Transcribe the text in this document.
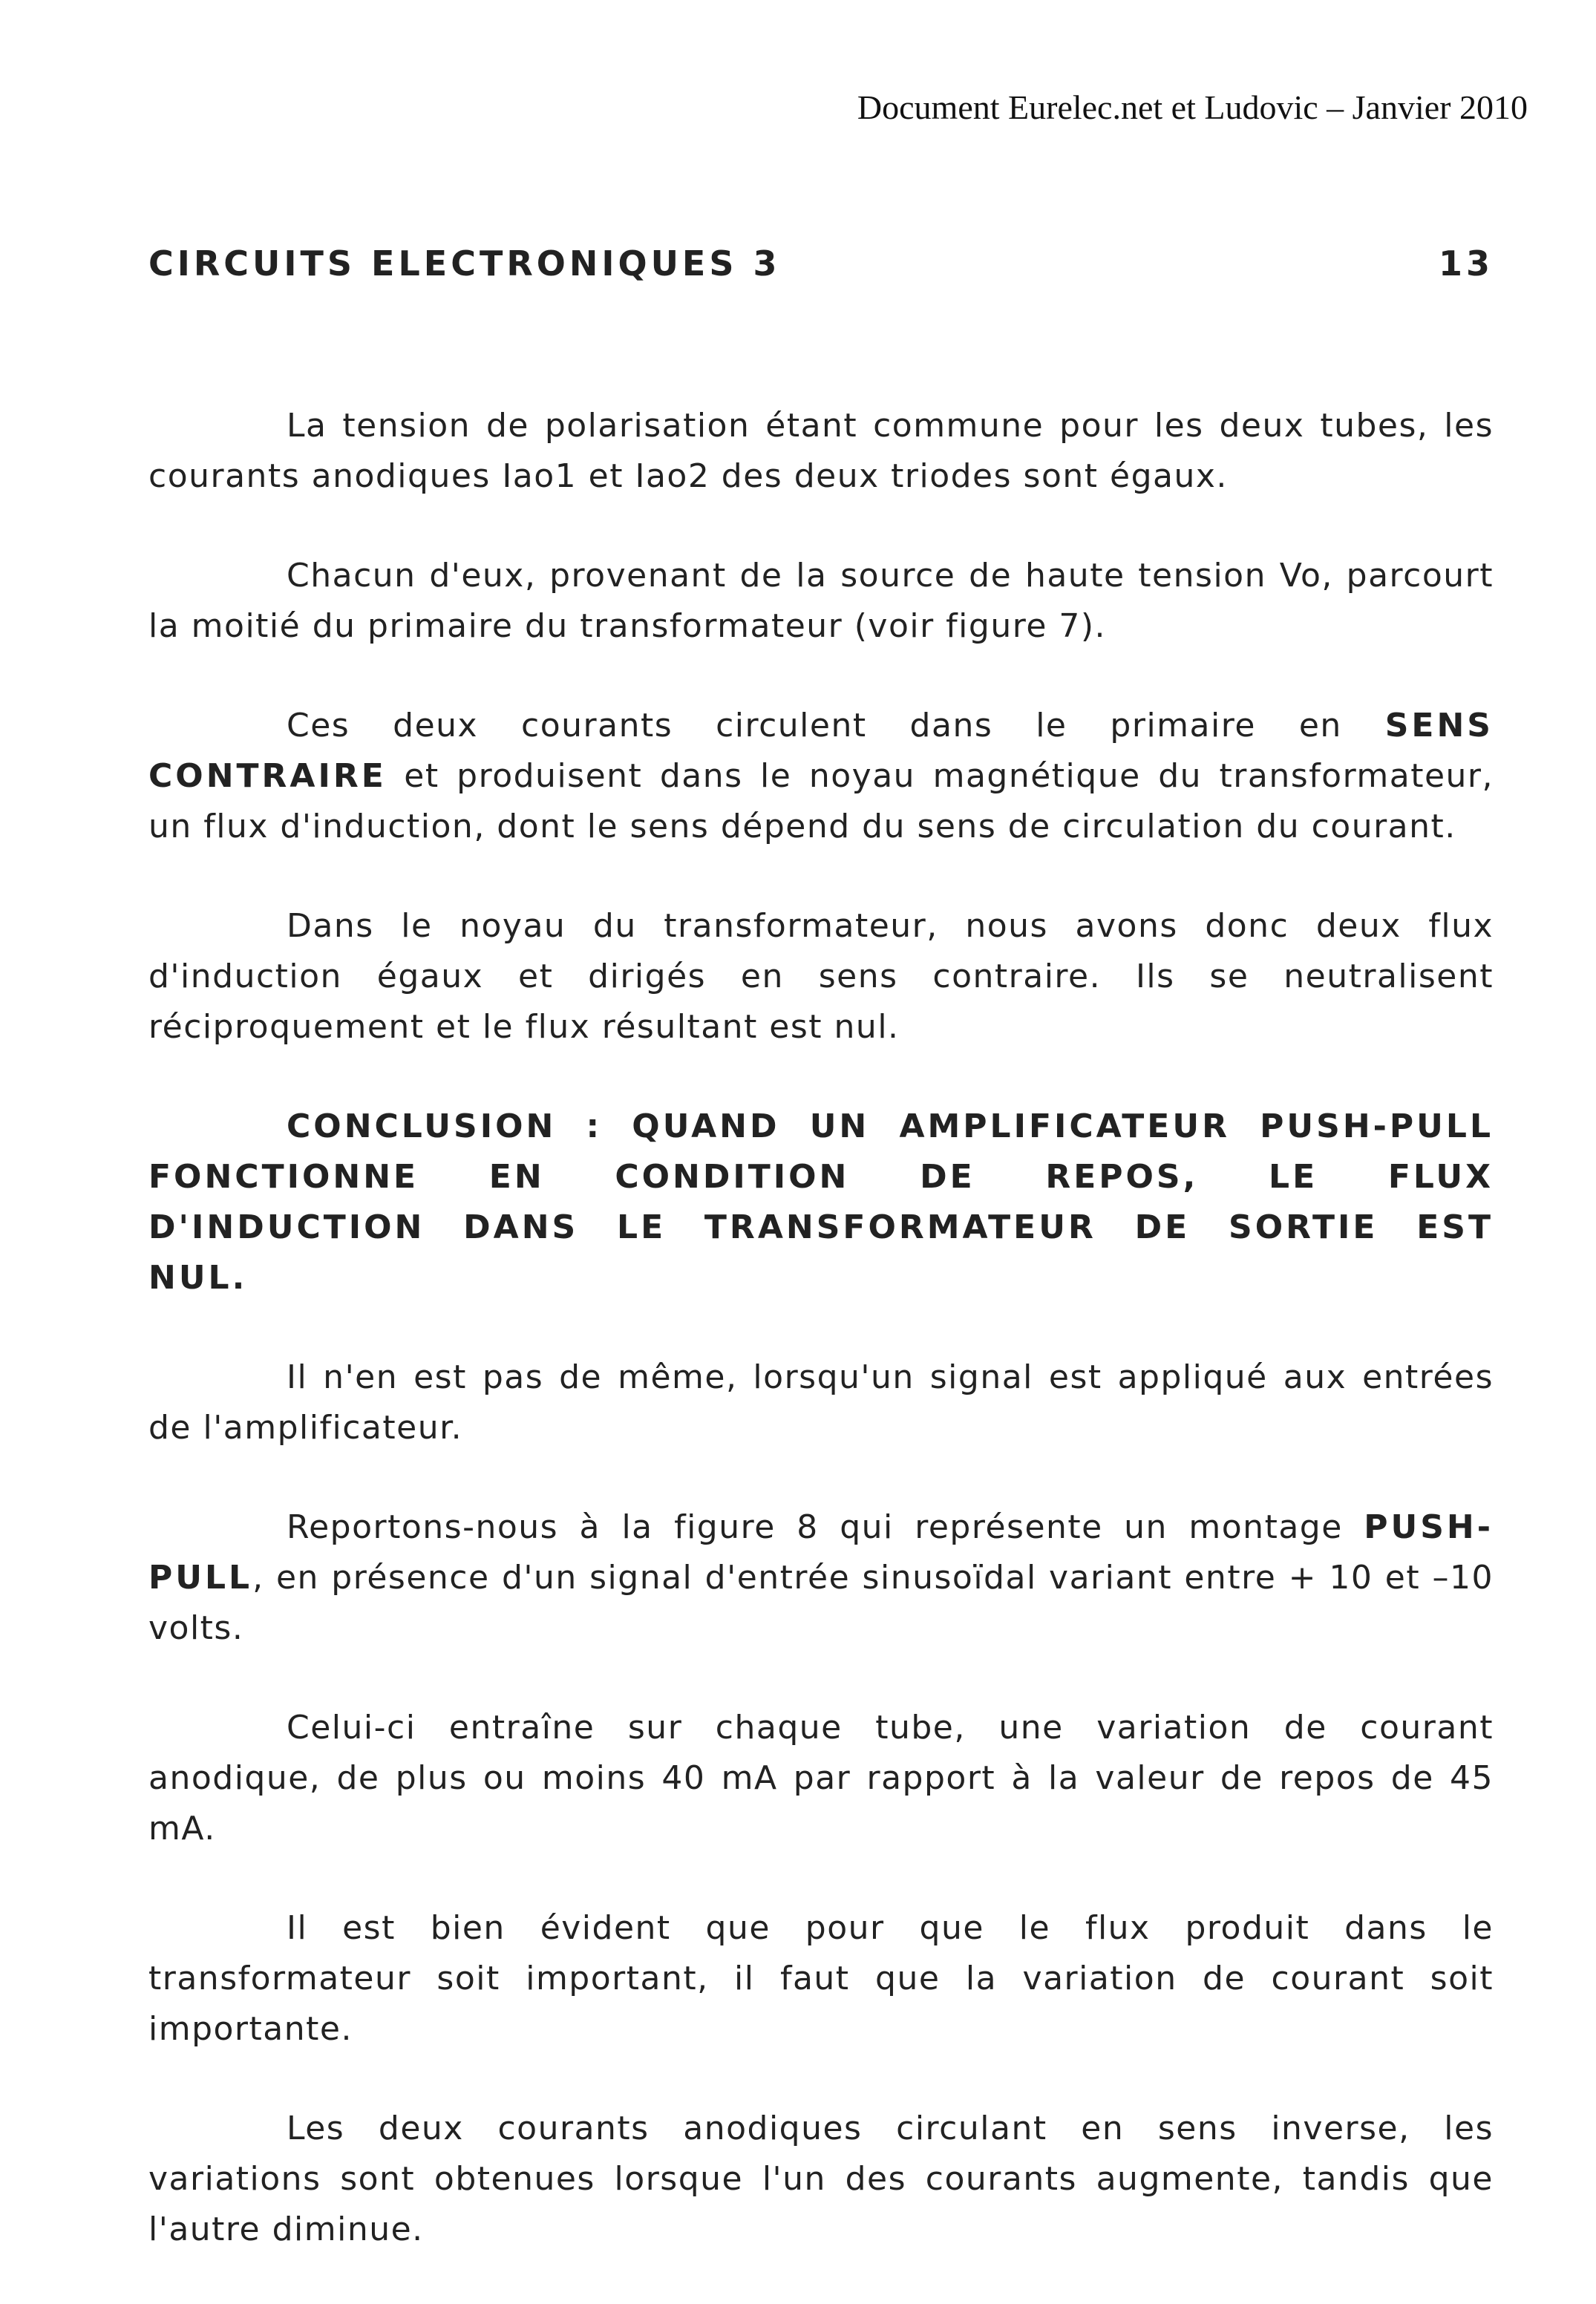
Document Eurelec.net et Ludovic – Janvier 2010
CIRCUITS ELECTRONIQUES 3	13

La tension de polarisation étant commune pour les deux tubes, les courants anodiques Iao1 et Iao2 des deux triodes sont égaux.

Chacun d'eux, provenant de la source de haute tension Vo, parcourt la moitié du primaire du transformateur (voir figure 7).

Ces deux courants circulent dans le primaire en SENS CONTRAIRE et produisent dans le noyau magnétique du transformateur, un flux d'induction, dont le sens dépend du sens de circulation du courant.

Dans le noyau du transformateur, nous avons donc deux flux d'induction égaux et dirigés en sens contraire. Ils se neutralisent réciproquement et le flux résultant est nul.

CONCLUSION : QUAND UN AMPLIFICATEUR PUSH-PULL FONCTIONNE EN CONDITION DE REPOS, LE FLUX D'INDUCTION DANS LE TRANSFORMATEUR DE SORTIE EST NUL.

Il n'en est pas de même, lorsqu'un signal est appliqué aux entrées de l'amplificateur.

Reportons-nous à la figure 8 qui représente un montage PUSH-PULL, en présence d'un signal d'entrée sinusoïdal variant entre + 10 et –10 volts.

Celui-ci entraîne sur chaque tube, une variation de courant anodique, de plus ou moins 40 mA par rapport à la valeur de repos de 45 mA.

Il est bien évident que pour que le flux produit dans le transformateur soit important, il faut que la variation de courant soit importante.

Les deux courants anodiques circulant en sens inverse, les variations sont obtenues lorsque l'un des courants augmente, tandis que l'autre diminue.
